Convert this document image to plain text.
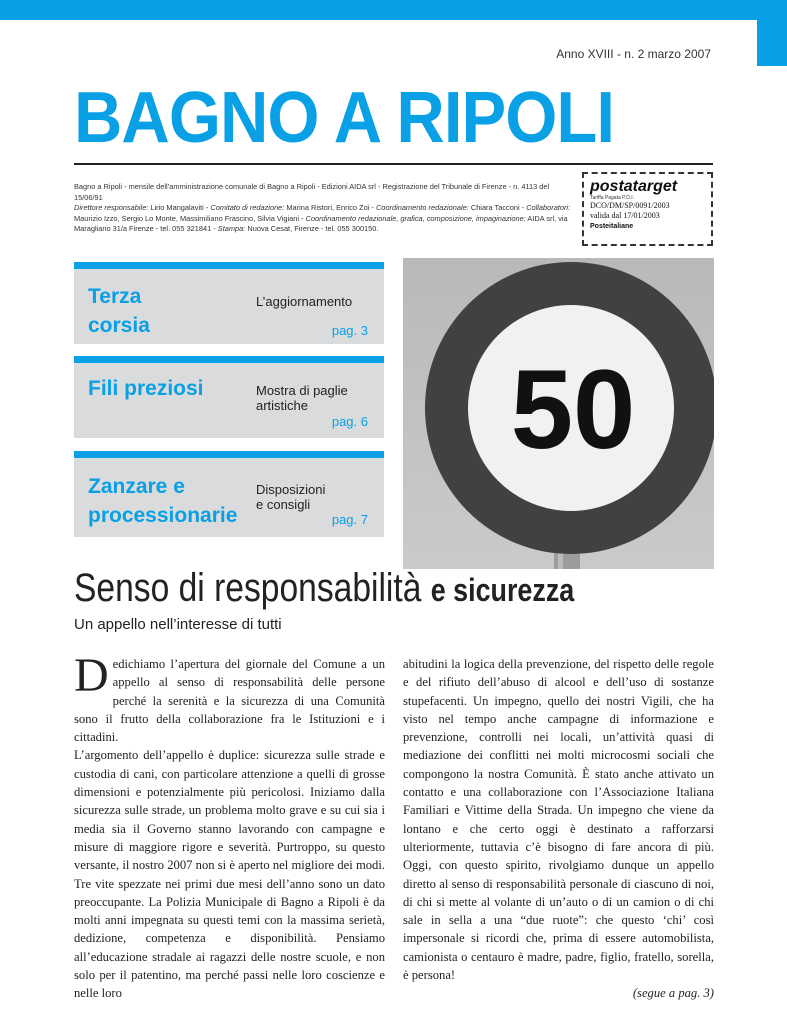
Anno XVIII - n. 2 marzo 2007
BAGNO A RIPOLI
Bagno a Ripoli - mensile dell’amministrazione comunale di Bagno a Ripoli - Edizioni AIDA srl - Registrazione del Tribunale di Firenze - n. 4113 del 15/06/91
Direttore responsabile: Lirio Mangalaviti - Comitato di redazione: Marina Ristori, Enrico Zoi - Coordinamento redazionale: Chiara Tacconi - Collaboratori: Maurizio Izzo, Sergio Lo Monte, Massimiliano Frascino, Silvia Vigiani - Coordinamento redazionale, grafica, composizione, impaginazione: AIDA srl, via Maragliano 31/a Firenze - tel. 055 321841 - Stampa: Nuova Cesat, Firenze - tel. 055 300150.
postatarget
Tariffa Pagata P.D.I.
DCO/DM/SP/0091/2003
valida dal 17/01/2003
Posteitaliane
Terza corsia
L’aggiornamento
pag. 3
Fili preziosi	Mostra di paglie artistiche
pag. 6
Zanzare e processionarie
Disposizioni e consigli
pag. 7
50
Senso di responsabilità e sicurezza
Un appello nell’interesse di tutti

Dedichiamo l’apertura del giornale del Comune a un appello al senso di responsabilità delle persone perché la serenità e la sicurezza di una Comunità sono il frutto della collaborazione fra le Istituzioni e i cittadini.

L’argomento dell’appello è duplice: sicurezza sulle strade e custodia di cani, con particolare attenzione a quelli di grosse dimensioni e potenzialmente più pericolosi. Iniziamo dalla sicurezza sulle strade, un problema molto grave e su cui sia i media sia il Governo stanno lavorando con campagne e misure di maggiore rigore e severità. Purtroppo, su questo versante, il nostro 2007 non si è aperto nel migliore dei modi. Tre vite spezzate nei primi due mesi dell’anno sono un dato preoccupante. La Polizia Municipale di Bagno a Ripoli è da molti anni impegnata su questi temi con la massima serietà, dedizione, competenza e disponibilità. Pensiamo all’educazione stradale ai ragazzi delle nostre scuole, e non solo per il patentino, ma perché passi nelle loro coscienze e nelle loro

abitudini la logica della prevenzione, del rispetto delle regole e del rifiuto dell’abuso di alcool e dell’uso di sostanze stupefacenti. Un impegno, quello dei nostri Vigili, che ha visto nel tempo anche campagne di informazione e prevenzione, controlli nei locali, un’attività quasi di mediazione dei conflitti nei molti microcosmi sociali che compongono la nostra Comunità. È stato anche attivato un contatto e una collaborazione con l’Associazione Italiana Familiari e Vittime della Strada. Un impegno che viene da lontano e che certo oggi è destinato a rafforzarsi ulteriormente, tuttavia c’è bisogno di fare ancora di più. Oggi, con questo spirito, rivolgiamo dunque un appello diretto al senso di responsabilità personale di ciascuno di noi, di chi si mette al volante di un’auto o di un camion o di chi sale in sella a una “due ruote”: che questo ‘chi’ così impersonale si ricordi che, prima di essere automobilista, camionista o centauro è madre, padre, figlio, fratello, sorella, è persona!

(segue a pag. 3)
